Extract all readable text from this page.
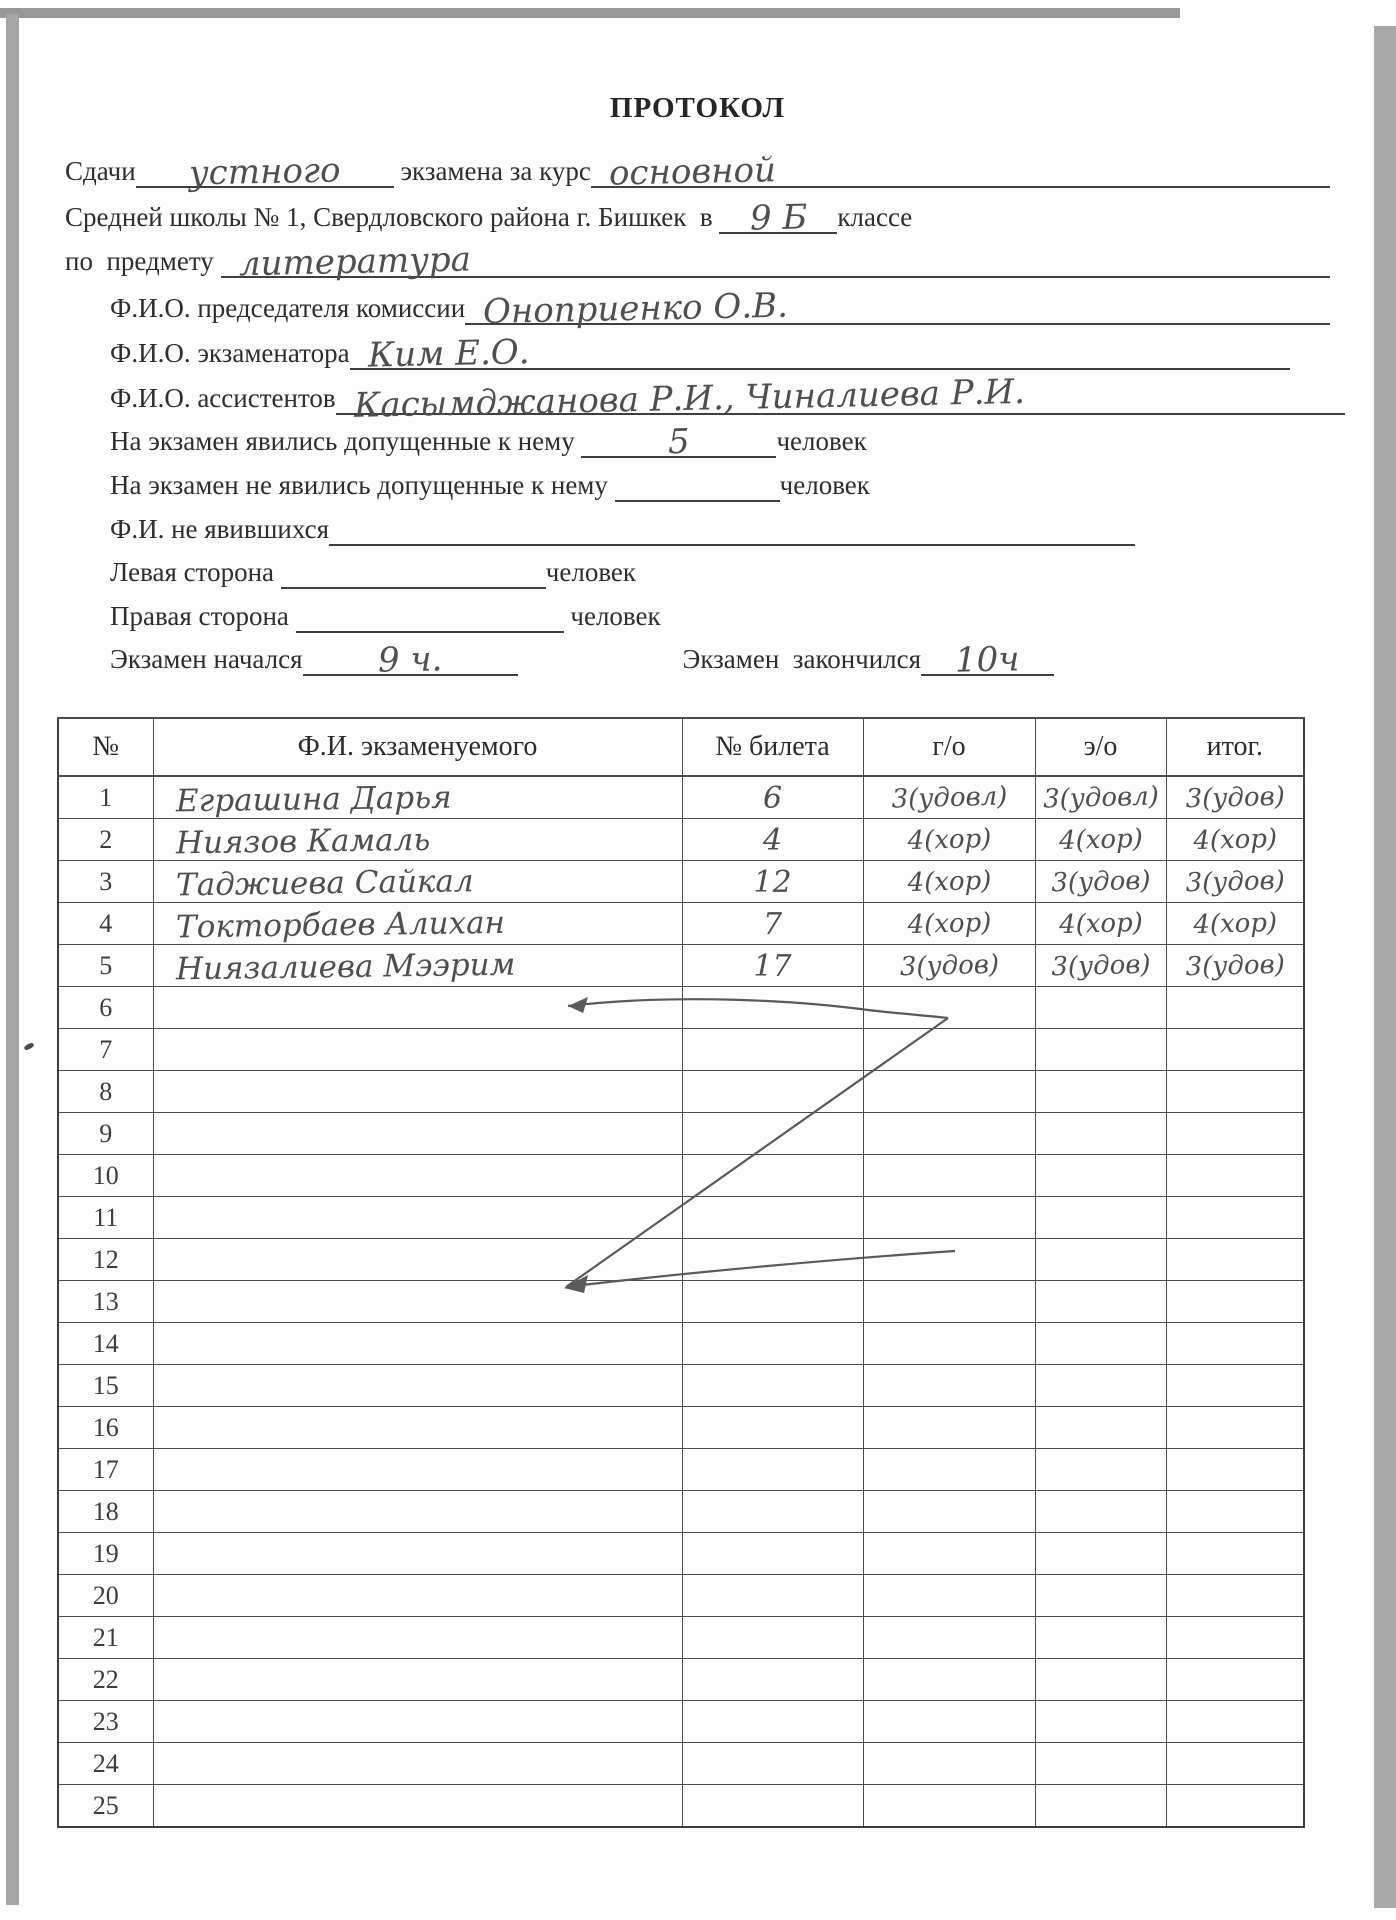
ПРОТОКОЛ
Сдачи устного экзамена за курс основной
Средней школы № 1, Свердловского района г. Бишкек  в 9 Б классе
по  предмету литература
Ф.И.О. председателя комиссии Оноприенко О.В.
Ф.И.О. экзаменатора Ким Е.О.
Ф.И.О. ассистентов Касымджанова Р.И., Чиналиева Р.И.
На экзамен явились допущенные к нему	5	человек
На экзамен не явились допущенные к нему	человек
Ф.И. не явившихся
Левая сторона	человек
Правая сторона	человек
Экзамен начался 9 ч.	Экзамен  закончился 10ч
№	Ф.И. экзаменуемого	№ билета	г/о	э/о	итог.
1	Еграшина Дарья	6	3(удовл)	3(удовл)	3(удов)

2	Ниязов Камаль	4	4(хор)	4(хор)	4(хор)

3	Таджиева Сайкал	12	4(хор)	3(удов)	3(удов)

4	Токторбаев Алихан	7	4(хор)	4(хор)	4(хор)

5	Ниязалиева Мээрим	17	3(удов)	3(удов)	3(удов)

6					
7					
8					
9					
10					
11					
12					
13					
14					
15					
16					
17					
18					
19					
20					
21					
22					
23					
24					
25					
